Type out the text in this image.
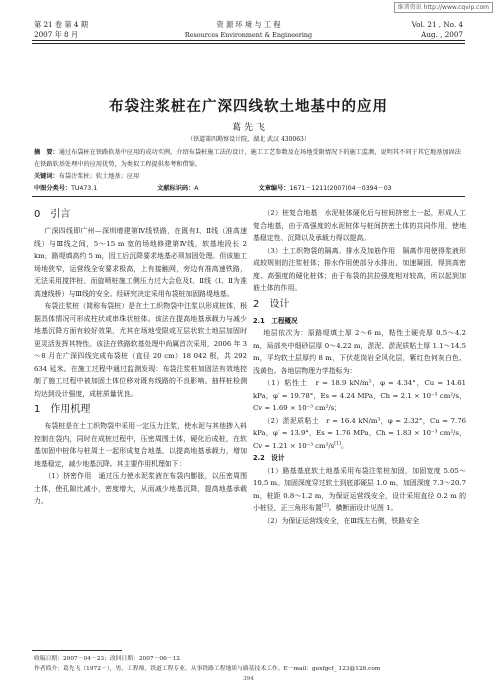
维普资讯 http://www.cqvip.com
第 21 卷 第 4 期
2007 年 8 月
资 源 环 境 与 工 程
Resources Environment & Engineering
Vol. 21 , No. 4
Aug. , 2007
布袋注浆桩在广深四线软土地基中的应用
葛 先 飞
（铁道第四勘察设计院，湖北 武汉 430063）

摘　要：通过布袋桩在铁路软基中应用的成功实例，介绍布袋桩施工法的设计、施工工艺参数及在场地受限情况下的施工监测，说明其不同于其它地基加固法在铁路软基处理中的应用优势，为类似工程提供参考和借鉴。

关键词：布袋注浆桩；软土地基；应用

中图分类号：TU473.1	文献标识码：A	文章编号：1671－1211(2007)04－0394－03

0　 引言

广深四线即广州—深圳增建第Ⅳ线铁路，在既有Ⅰ、Ⅱ线（准高速线）与Ⅲ线之间，5～15 m 宽的场地修建第Ⅳ线，软基地段长 2 km，路堤填高约 5 m，因工后沉降要求地基必须加固处理。但该施工场地狭窄，运营线全安要求极高，上有接触网，旁边有准高速铁路，无法采用搅拌桩、而旋喷桩施工侧压力过大会危及Ⅰ、Ⅱ线（Ⅰ、Ⅱ为准高速线桥）与Ⅲ线的安全。经研究决定采用布袋桩加固路堤地基。

布袋注浆桩（简称布袋桩）是在土工织物袋中注浆以形成桩体，根据具体情况可形成柱状或串珠状桩体。该法在提高地基承载力与减少地基沉降方面有较好效果，尤其在场地受限或互层状软土地层加固时更灵活发挥其特性。该法在铁路软基处理中尚属首次采用，2006 年 3～8 月在广深四线完成布袋桩（直径 20 cm）18 042 根，共 292 634 延米。在施工过程中通过监测发现：布袋注浆桩加固法有效地控制了施工过程中被加固土体位移对既有线路的不良影响。抽样桩检测均达到设计强度，成桩质量优良。

1　 作用机理

布袋桩是在土工织物袋中采用一定压力注浆，使水泥与其他掺入料控制在袋内，同时在成桩过程中，压密周围土体，硬化后成桩，在软基加固中桩体与桩周土一起形成复合地基，以提高地基承载力，增加地基稳定，减少地基沉降。其主要作用机理如下：

（1）挤密作用　通过压力使水泥浆液在布袋内膨胀，以压密周围土体，使孔隙比减小，密度增大，从而减少地基沉降，提高地基承载力。

（2）桩复合地基　水泥桩体硬化后与桩间挤密土一起，形成人工复合地基，由于高强度的水泥桩体与桩间挤密土体的共同作用，使地基稳定性、沉降以及承载力得以提高。

（3）土工织物袋的隔离、排水及加筋作用　隔离作用使得浆液形成较规则的注浆桩体；排水作用使部分水排出，加速凝固，得到高密度、高强度的硬化桩体；由于布袋的抗拉强度相对较高，所以起到加筋土体的作用。

2　 设计

2.1　工程概况

地层依次为：原路堤填土厚 2～6 m，粘性土硬壳厚 0.5～4.2 m，局部夹中细砂层厚 0～4.22 m，淤泥、淤泥质粘土厚 1.1～14.5 m，平均软土层厚约 8 m，下伏花岗岩全风化层，紫红色何灰白色、浅黄色。各地层物理力学指标为：

（1）粘性土　r = 18.9 kN/m³，φ = 4.34°，Cu = 14.61 kPa，φ′ = 19.78°，Es = 4.24 MPa，Ch = 2.1 × 10⁻³ cm²/s，Cv = 1.69 × 10⁻³ cm²/s；

（2）淤泥质粘土　r = 16.4 kN/m³，φ = 2.32°，Cu = 7.76 kPa，φ′ = 13.9°，Es = 1.76 MPa，Ch = 1.83 × 10⁻³ cm²/s，Cv = 1.21 × 10⁻³ cm²/s[1]。

2.2　设计

（1）路基基底软土地基采用布袋注浆桩加固，加固宽度 5.05～10.5 m。加固深度穿过软土到底部硬层 1.0 m，加固深度 7.3～20.7 m，桩距 0.8～1.2 m，为保证运营线安全，设计采用直径 0.2 m 的小桩径，正三角形布置[2]。横断面设计见图 1。

（2）为保证运营线安全，在Ⅲ线左右侧，铁路安全

收稿日期：2007－04－23；改回日期：2007－06－12
作者简介：葛先飞（1972－），男，工程师，铁道工程专业，从事铁路工程地质与路基技术工作。E－mail：gexfgcf_ 123@126.com
394
